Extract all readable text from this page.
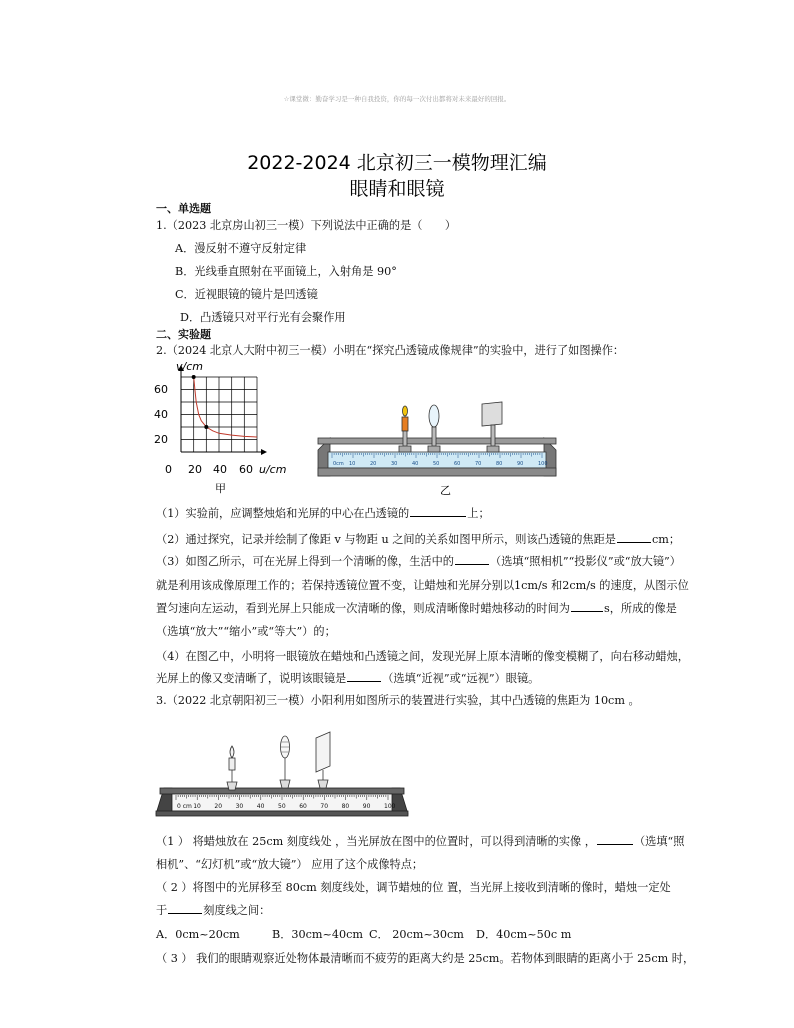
☆课堂微：勤奋学习是一种自我投资，你的每一次付出都将对未来最好的回报。
2022-2024 北京初三一模物理汇编
眼睛和眼镜
一、单选题
1.（2023 北京房山初三一模）下列说法中正确的是（　　）
A．漫反射不遵守反射定律
B．光线垂直照射在平面镜上，入射角是 90°
C．近视眼镜的镜片是凹透镜
D．凸透镜只对平行光有会聚作用
二、实验题
2.（2024 北京人大附中初三一模）小明在“探究凸透镜成像规律”的实验中，进行了如图操作：
v/cm
60
40
20
0 20 40 60 u/cm
甲
0cm 10	20	30	40	50	60	70	80	90	100
乙
（1）实验前，应调整烛焰和光屏的中心在凸透镜的	上；
（2）通过探究，记录并绘制了像距 v 与物距 u 之间的关系如图甲所示，则该凸透镜的焦距是	cm；
（3）如图乙所示，可在光屏上得到一个清晰的像，生活中的	（选填“照相机”“投影仪”或“放大镜”）
就是利用该成像原理工作的；若保持透镜位置不变，让蜡烛和光屏分别以1cm/s 和2cm/s 的速度，从图示位
置匀速向左运动，看到光屏上只能成一次清晰的像，则成清晰像时蜡烛移动的时间为	s，所成的像是
（选填“放大”“缩小”或“等大”）的；
（4）在图乙中，小明将一眼镜放在蜡烛和凸透镜之间，发现光屏上原本清晰的像变模糊了，向右移动蜡烛，
光屏上的像又变清晰了，说明该眼镜是	（选填“近视”或“远视”）眼镜。
3.（2022 北京朝阳初三一模）小阳利用如图所示的装置进行实验，其中凸透镜的焦距为 10cm 。
0 cm 10 20 30 40 50 60 70 80 90 100
（1 ） 将蜡烛放在 25cm 刻度线处 ，当光屏放在图中的位置时，可以得到清晰的实像 ，	（选填“照
相机”、“幻灯机”或“放大镜”） 应用了这个成像特点；
（ 2 ）将图中的光屏移至 80cm 刻度线处，调节蜡烛的位 置，当光屏上接收到清晰的像时，蜡烛一定处
于	刻度线之间：
A．0cm~20cm	B．30cm~40cm C． 20cm~30cm D．40cm~50c m
（ 3 ） 我们的眼睛观察近处物体最清晰而不疲劳的距离大约是 25cm。若物体到眼睛的距离小于 25cm 时，
